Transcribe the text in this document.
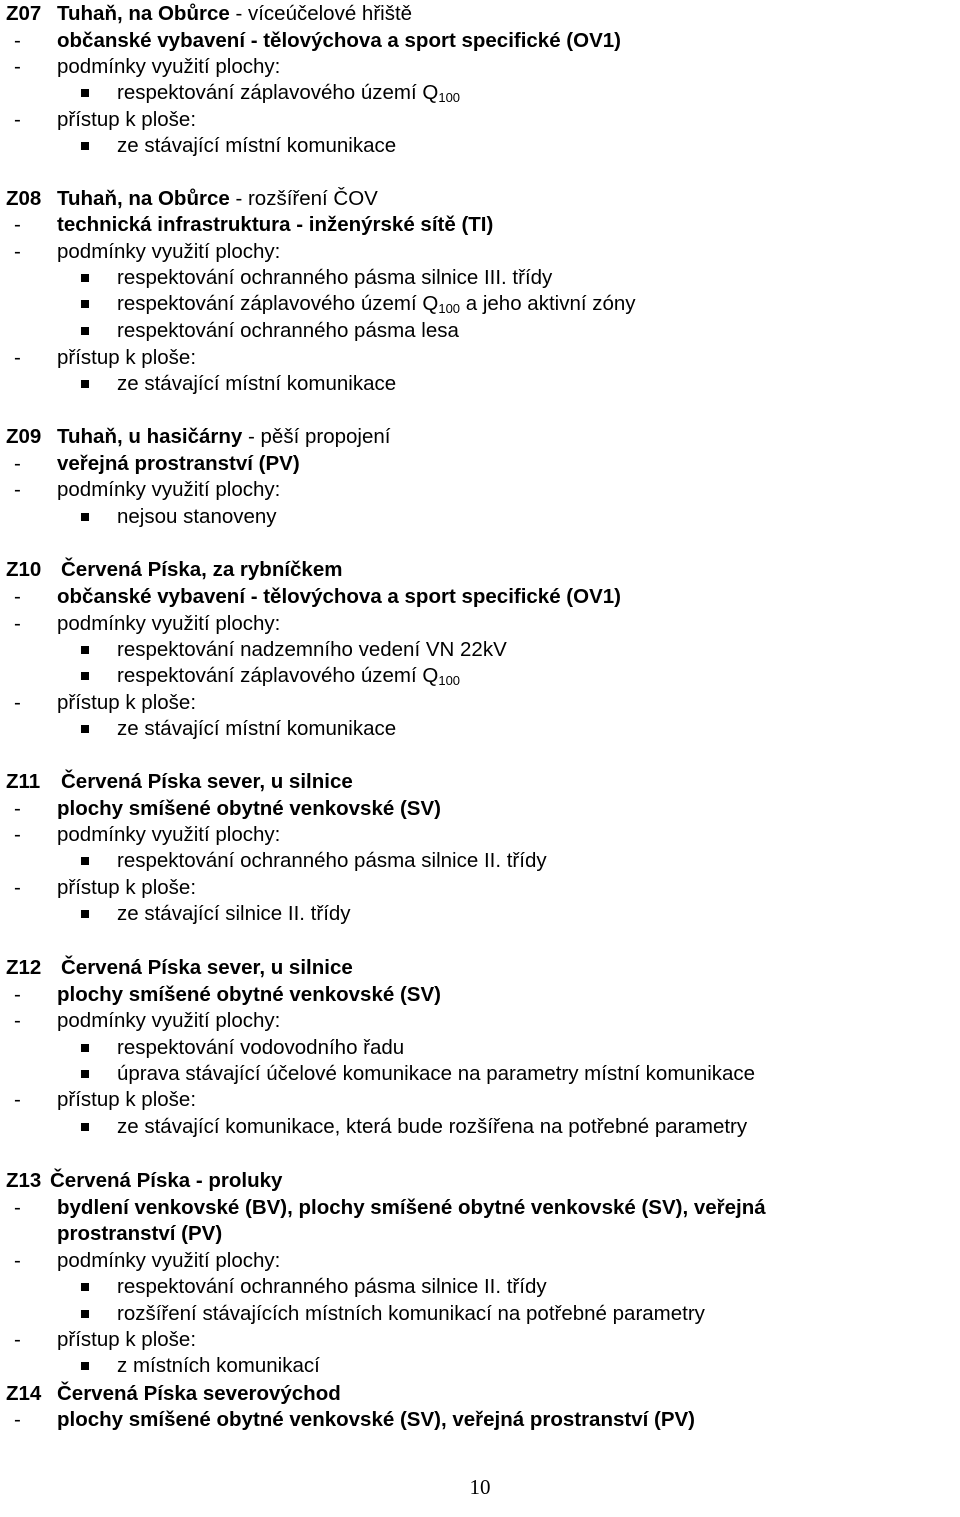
Z07 Tuhaň, na Obůrce - víceúčelové hřiště
- občanské vybavení - tělovýchova a sport specifické (OV1)
- podmínky využití plochy:
respektování záplavového území $Q_{100}$
- přístup k ploše:
ze stávající místní komunikace
Z08 Tuhaň, na Obůrce - rozšíření ČOV
- technická infrastruktura - inženýrské sítě (TI)
- podmínky využití plochy:
respektování ochranného pásma silnice III. třídy
respektování záplavového území $Q_{100}$ a jeho aktivní zóny
respektování ochranného pásma lesa
- přístup k ploše:
ze stávající místní komunikace
Z09 Tuhaň, u hasičárny - pěší propojení
- veřejná prostranství (PV)
- podmínky využití plochy:
nejsou stanoveny
Z10 Červená Píska, za rybníčkem
- občanské vybavení - tělovýchova a sport specifické (OV1)
- podmínky využití plochy:
respektování nadzemního vedení VN 22kV
respektování záplavového území $Q_{100}$
- přístup k ploše:
ze stávající místní komunikace
Z11 Červená Píska sever, u silnice
- plochy smíšené obytné venkovské (SV)
- podmínky využití plochy:
respektování ochranného pásma silnice II. třídy
- přístup k ploše:
ze stávající silnice II. třídy
Z12 Červená Píska sever, u silnice
- plochy smíšené obytné venkovské (SV)
- podmínky využití plochy:
respektování vodovodního řadu
úprava stávající účelové komunikace na parametry místní komunikace
- přístup k ploše:
ze stávající komunikace, která bude rozšířena na potřebné parametry
Z13 Červená Píska - proluky
- bydlení venkovské (BV), plochy smíšené obytné venkovské (SV), veřejná
prostranství (PV)
- podmínky využití plochy:
respektování ochranného pásma silnice II. třídy
rozšíření stávajících místních komunikací na potřebné parametry
- přístup k ploše:
z místních komunikací
Z14 Červená Píska severovýchod
- plochy smíšené obytné venkovské (SV), veřejná prostranství (PV)
10
